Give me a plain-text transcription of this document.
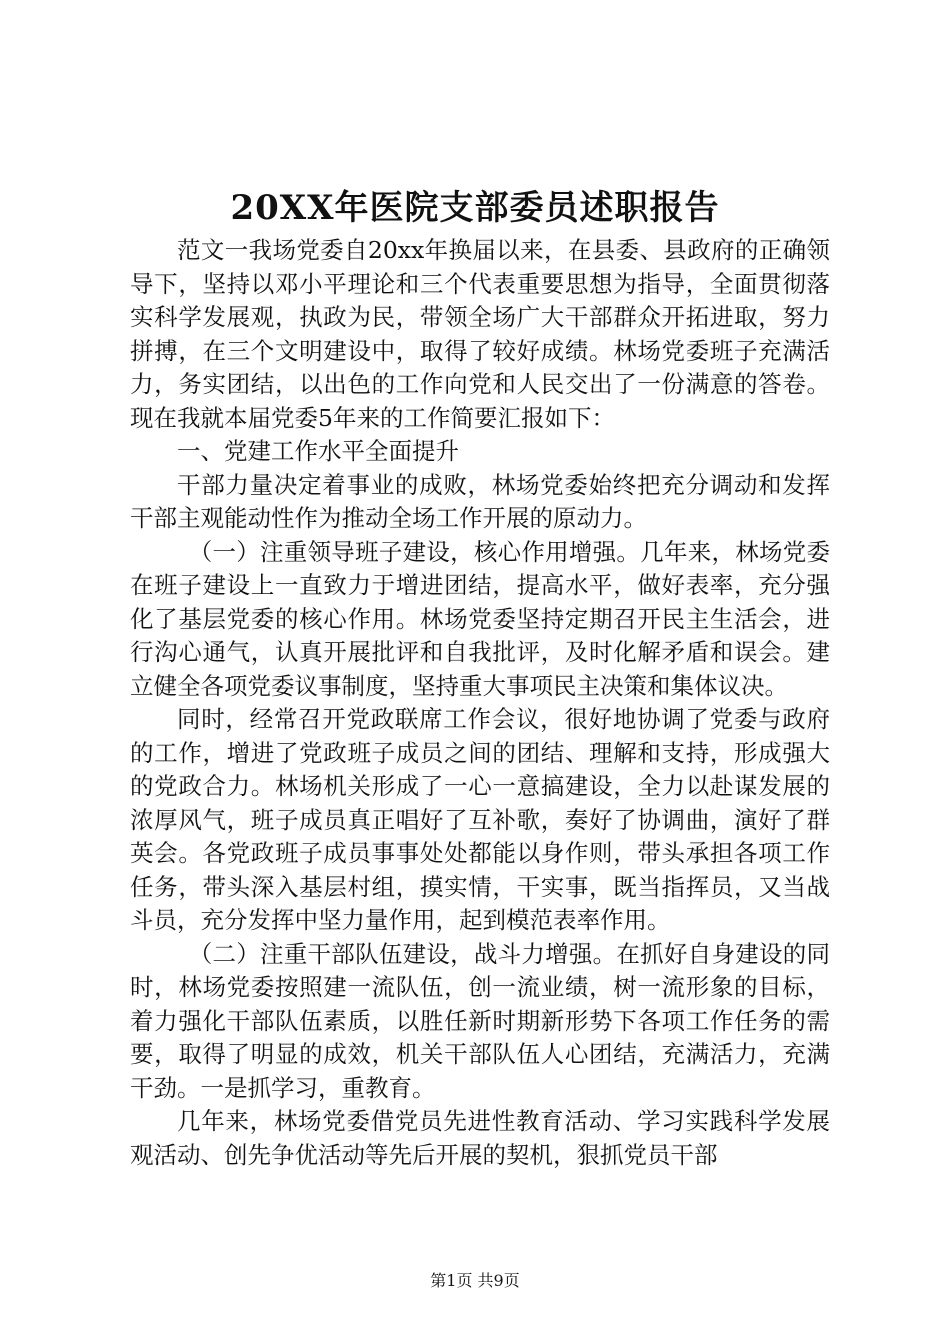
20XX年医院支部委员述职报告

范文一我场党委自20xx年换届以来，在县委、县政府的正确领导下，坚持以邓小平理论和三个代表重要思想为指导，全面贯彻落实科学发展观，执政为民，带领全场广大干部群众开拓进取，努力拼搏，在三个文明建设中，取得了较好成绩。林场党委班子充满活力，务实团结，以出色的工作向党和人民交出了一份满意的答卷。现在我就本届党委5年来的工作简要汇报如下：

一、党建工作水平全面提升

干部力量决定着事业的成败，林场党委始终把充分调动和发挥干部主观能动性作为推动全场工作开展的原动力。

（一）注重领导班子建设，核心作用增强。几年来，林场党委在班子建设上一直致力于增进团结，提高水平，做好表率，充分强化了基层党委的核心作用。林场党委坚持定期召开民主生活会，进行沟心通气，认真开展批评和自我批评，及时化解矛盾和误会。建立健全各项党委议事制度，坚持重大事项民主决策和集体议决。

同时，经常召开党政联席工作会议，很好地协调了党委与政府的工作，增进了党政班子成员之间的团结、理解和支持，形成强大的党政合力。林场机关形成了一心一意搞建设，全力以赴谋发展的浓厚风气，班子成员真正唱好了互补歌，奏好了协调曲，演好了群英会。各党政班子成员事事处处都能以身作则，带头承担各项工作任务，带头深入基层村组，摸实情，干实事，既当指挥员，又当战斗员，充分发挥中坚力量作用，起到模范表率作用。

（二）注重干部队伍建设，战斗力增强。在抓好自身建设的同时，林场党委按照建一流队伍，创一流业绩，树一流形象的目标，着力强化干部队伍素质，以胜任新时期新形势下各项工作任务的需要，取得了明显的成效，机关干部队伍人心团结，充满活力，充满干劲。一是抓学习，重教育。

几年来，林场党委借党员先进性教育活动、学习实践科学发展观活动、创先争优活动等先后开展的契机，狠抓党员干部

第1页 共9页
